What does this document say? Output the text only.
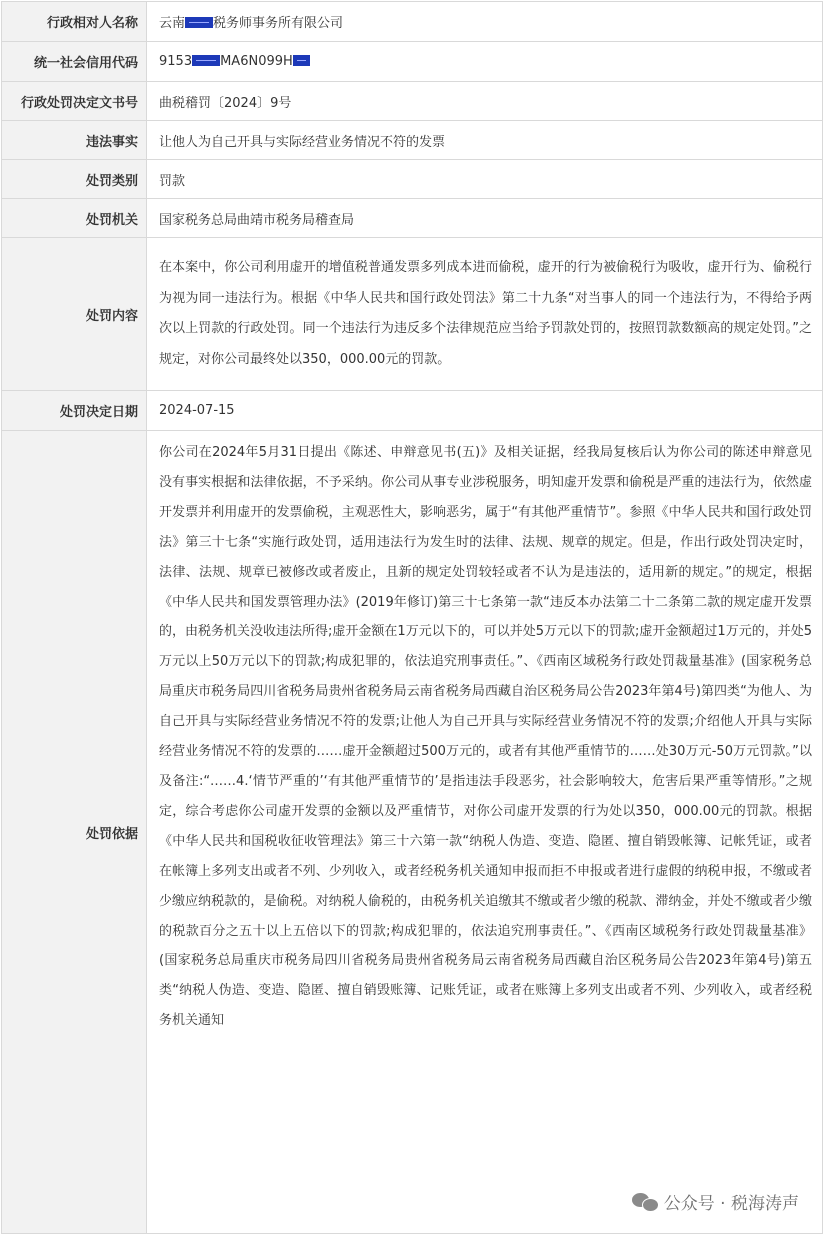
行政相对人名称	云南 税务师事务所有限公司
统一社会信用代码	9153 MA6N099H
行政处罚决定文书号	曲税稽罚〔2024〕9号
违法事实	让他人为自己开具与实际经营业务情况不符的发票
处罚类别	罚款
处罚机关	国家税务总局曲靖市税务局稽查局
处罚内容	在本案中，你公司利用虚开的增值税普通发票多列成本进而偷税，虚开的行为被偷税行为吸收，虚开行为、偷税行为视为同一违法行为。根据《中华人民共和国行政处罚法》第二十九条“对当事人的同一个违法行为，不得给予两次以上罚款的行政处罚。同一个违法行为违反多个法律规范应当给予罚款处罚的，按照罚款数额高的规定处罚。”之规定，对你公司最终处以350，000.00元的罚款。

处罚决定日期	2024-07-15
处罚依据	你公司在2024年5月31日提出《陈述、申辩意见书(五)》及相关证据，经我局复核后认为你公司的陈述申辩意见没有事实根据和法律依据，不予采纳。你公司从事专业涉税服务，明知虚开发票和偷税是严重的违法行为，依然虚开发票并利用虚开的发票偷税，主观恶性大，影响恶劣，属于“有其他严重情节”。参照《中华人民共和国行政处罚法》第三十七条“实施行政处罚，适用违法行为发生时的法律、法规、规章的规定。但是，作出行政处罚决定时，法律、法规、规章已被修改或者废止，且新的规定处罚较轻或者不认为是违法的，适用新的规定。”的规定，根据《中华人民共和国发票管理办法》(2019年修订)第三十七条第一款“违反本办法第二十二条第二款的规定虚开发票的，由税务机关没收违法所得;虚开金额在1万元以下的，可以并处5万元以下的罚款;虚开金额超过1万元的，并处5万元以上50万元以下的罚款;构成犯罪的，依法追究刑事责任。”、《西南区域税务行政处罚裁量基准》(国家税务总局重庆市税务局四川省税务局贵州省税务局云南省税务局西藏自治区税务局公告2023年第4号)第四类“为他人、为自己开具与实际经营业务情况不符的发票;让他人为自己开具与实际经营业务情况不符的发票;介绍他人开具与实际经营业务情况不符的发票的……虚开金额超过500万元的，或者有其他严重情节的……处30万元-50万元罚款。”以及备注:“……4.‘情节严重的’‘有其他严重情节的’是指违法手段恶劣，社会影响较大，危害后果严重等情形。”之规定，综合考虑你公司虚开发票的金额以及严重情节，对你公司虚开发票的行为处以350，000.00元的罚款。根据《中华人民共和国税收征收管理法》第三十六第一款“纳税人伪造、变造、隐匿、擅自销毁帐簿、记帐凭证，或者在帐簿上多列支出或者不列、少列收入，或者经税务机关通知申报而拒不申报或者进行虚假的纳税申报，不缴或者少缴应纳税款的，是偷税。对纳税人偷税的，由税务机关追缴其不缴或者少缴的税款、滞纳金，并处不缴或者少缴的税款百分之五十以上五倍以下的罚款;构成犯罪的，依法追究刑事责任。”、《西南区域税务行政处罚裁量基准》(国家税务总局重庆市税务局四川省税务局贵州省税务局云南省税务局西藏自治区税务局公告2023年第4号)第五类“纳税人伪造、变造、隐匿、擅自销毁账簿、记账凭证，或者在账簿上多列支出或者不列、少列收入，或者经税务机关通知
公众号 · 税海涛声
